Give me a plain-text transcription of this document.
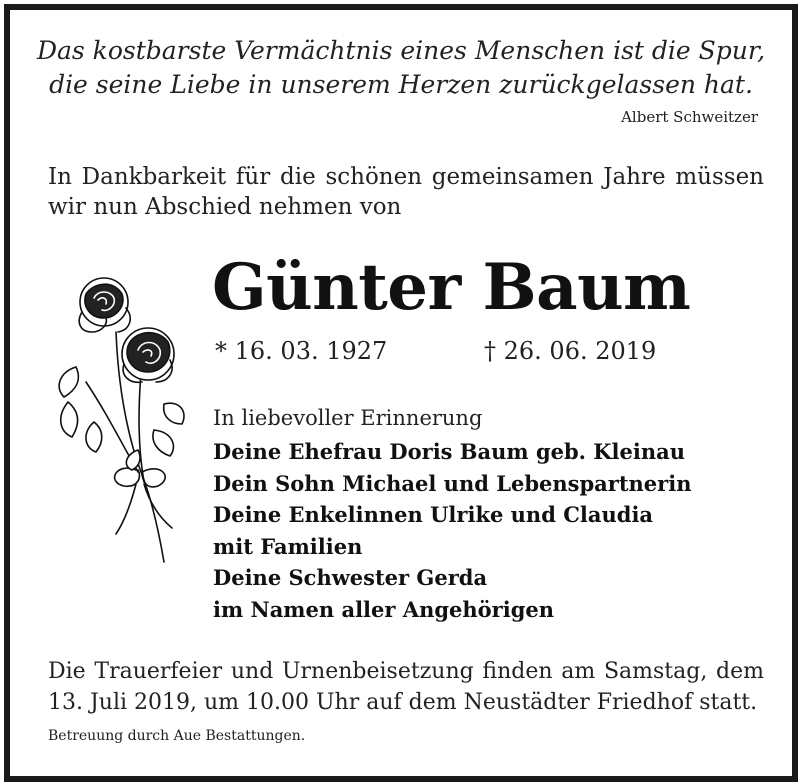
Das kostbarste Vermächtnis eines Menschen ist die Spur,
die seine Liebe in unserem Herzen zurückgelassen hat.
Albert Schweitzer
In Dankbarkeit für die schönen gemeinsamen Jahre müssen wir nun Abschied nehmen von
Günter Baum
* 16. 03. 1927	† 26. 06. 2019
In liebevoller Erinnerung
Deine Ehefrau Doris Baum geb. Kleinau
Dein Sohn Michael und Lebenspartnerin
Deine Enkelinnen Ulrike und Claudia
mit Familien
Deine Schwester Gerda
im Namen aller Angehörigen
Die Trauerfeier und Urnenbeisetzung finden am Samstag, dem 13. Juli 2019, um 10.00 Uhr auf dem Neustädter Friedhof statt.
Betreuung durch Aue Bestattungen.
